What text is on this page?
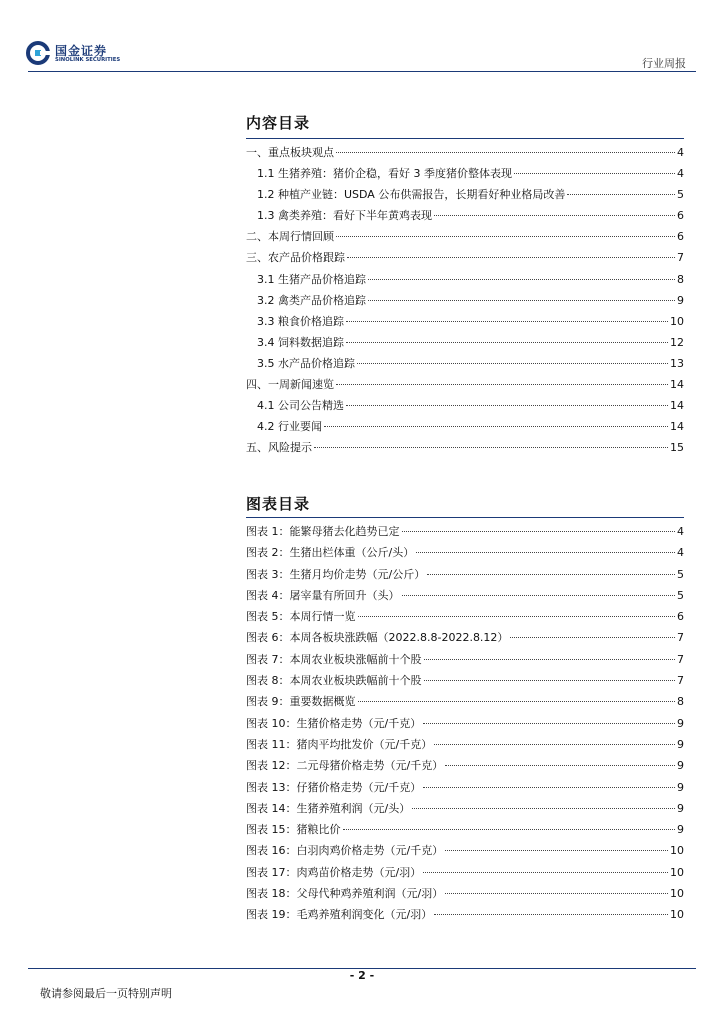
国金证券
SINOLINK SECURITIES	行业周报
内容目录
一、重点板块观点	4
1.1 生猪养殖：猪价企稳，看好 3 季度猪价整体表现	4
1.2 种植产业链：USDA 公布供需报告，长期看好种业格局改善	5
1.3 禽类养殖：看好下半年黄鸡表现	6
二、本周行情回顾	6
三、农产品价格跟踪	7
3.1 生猪产品价格追踪	8
3.2 禽类产品价格追踪	9
3.3 粮食价格追踪	10
3.4 饲料数据追踪	12
3.5 水产品价格追踪	13
四、一周新闻速览	14
4.1 公司公告精选	14
4.2 行业要闻	14
五、风险提示	15
图表目录
图表 1：能繁母猪去化趋势已定	4
图表 2：生猪出栏体重（公斤/头）	4
图表 3：生猪月均价走势（元/公斤）	5
图表 4：屠宰量有所回升（头）	5
图表 5：本周行情一览	6
图表 6：本周各板块涨跌幅（2022.8.8-2022.8.12）	7
图表 7：本周农业板块涨幅前十个股	7
图表 8：本周农业板块跌幅前十个股	7
图表 9：重要数据概览	8
图表 10：生猪价格走势（元/千克）	9
图表 11：猪肉平均批发价（元/千克）	9
图表 12：二元母猪价格走势（元/千克）	9
图表 13：仔猪价格走势（元/千克）	9
图表 14：生猪养殖利润（元/头）	9
图表 15：猪粮比价	9
图表 16：白羽肉鸡价格走势（元/千克）	10
图表 17：肉鸡苗价格走势（元/羽）	10
图表 18：父母代种鸡养殖利润（元/羽）	10
图表 19：毛鸡养殖利润变化（元/羽）	10
- 2 -
敬请参阅最后一页特别声明
